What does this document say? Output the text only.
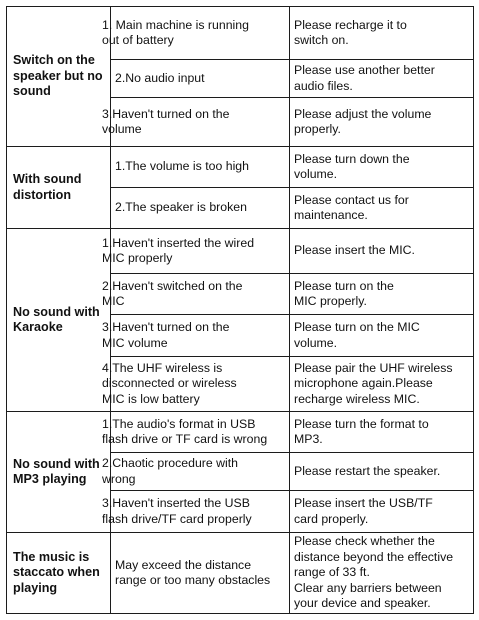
Switch on the
speaker but no
sound	1. Main machine is running
out of battery	Please recharge it to
switch on.

	2.No audio input	Please use another better
audio files.

	3.Haven't turned on the
volume	Please adjust the volume
properly.

With sound
distortion	1.The volume is too high	Please turn down the
volume.

	2.The speaker is broken	Please contact us for
maintenance.

No sound with
Karaoke	1.Haven't inserted the wired
MIC properly	Please insert the MIC.

	2.Haven't switched on the
MIC	Please turn on the
MIC properly.

	3.Haven't turned on the
MIC volume	Please turn on the MIC
volume.

	4.The UHF wireless is
disconnected or wireless
MIC is low battery	Please pair the UHF wireless
microphone again.Please
recharge wireless MIC.

No sound with
MP3 playing	1.The audio's format in USB
flash drive or TF card is wrong	Please turn the format to
MP3.

	2.Chaotic procedure with
wrong	Please restart the speaker.

	3.Haven't inserted the USB
flash drive/TF card properly	Please insert the USB/TF
card properly.

The music is
staccato when
playing	May exceed the distance
range or too many obstacles	Please check whether the
distance beyond the effective
range of 33 ft.
Clear any barriers between
your device and speaker.
